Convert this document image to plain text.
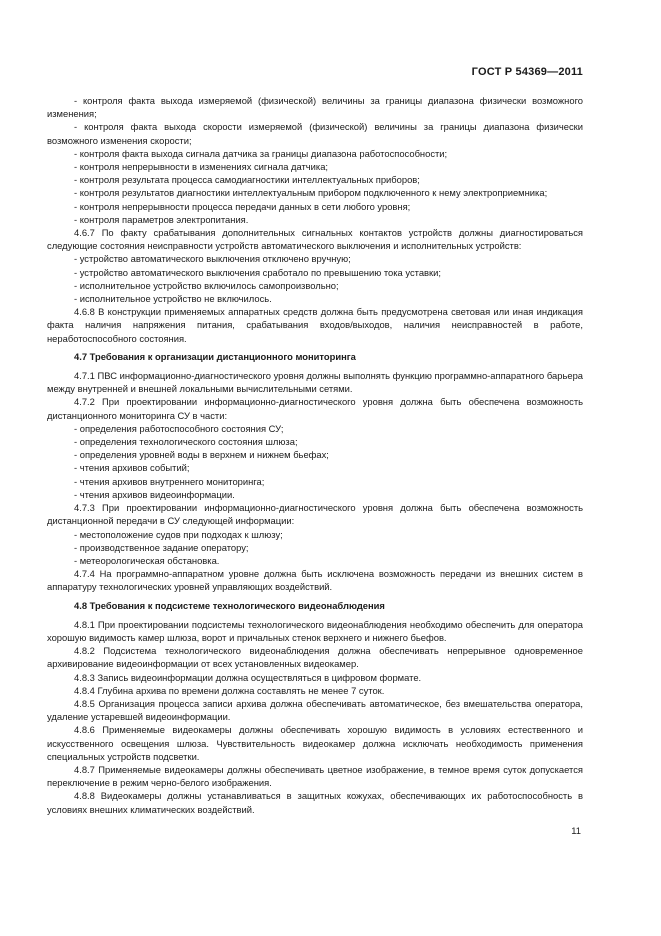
ГОСТ Р 54369—2011

- контроля факта выхода измеряемой (физической) величины за границы диапазона физически возможного изменения;

- контроля факта выхода скорости измеряемой (физической) величины за границы диапазона физически возможного изменения скорости;

- контроля факта выхода сигнала датчика за границы диапазона работоспособности;

- контроля непрерывности в изменениях сигнала датчика;

- контроля результата процесса самодиагностики интеллектуальных приборов;

- контроля результатов диагностики интеллектуальным прибором подключенного к нему электроприемника;

- контроля непрерывности процесса передачи данных в сети любого уровня;

- контроля параметров электропитания.

4.6.7 По факту срабатывания дополнительных сигнальных контактов устройств должны диагностироваться следующие состояния неисправности устройств автоматического выключения и исполнительных устройств:

- устройство автоматического выключения отключено вручную;

- устройство автоматического выключения сработало по превышению тока уставки;

- исполнительное устройство включилось самопроизвольно;

- исполнительное устройство не включилось.

4.6.8 В конструкции применяемых аппаратных средств должна быть предусмотрена световая или иная индикация факта наличия напряжения питания, срабатывания входов/выходов, наличия неисправностей в работе, неработоспособного состояния.

4.7 Требования к организации дистанционного мониторинга

4.7.1 ПВС информационно-диагностического уровня должны выполнять функцию программно-аппаратного барьера между внутренней и внешней локальными вычислительными сетями.

4.7.2 При проектировании информационно-диагностического уровня должна быть обеспечена возможность дистанционного мониторинга СУ в части:

- определения работоспособного состояния СУ;

- определения технологического состояния шлюза;

- определения уровней воды в верхнем и нижнем бьефах;

- чтения архивов событий;

- чтения архивов внутреннего мониторинга;

- чтения архивов видеоинформации.

4.7.3 При проектировании информационно-диагностического уровня должна быть обеспечена возможность дистанционной передачи в СУ следующей информации:

- местоположение судов при подходах к шлюзу;

- производственное задание оператору;

- метеорологическая обстановка.

4.7.4 На программно-аппаратном уровне должна быть исключена возможность передачи из внешних систем в аппаратуру технологических уровней управляющих воздействий.

4.8 Требования к подсистеме технологического видеонаблюдения

4.8.1 При проектировании подсистемы технологического видеонаблюдения необходимо обеспечить для оператора хорошую видимость камер шлюза, ворот и причальных стенок верхнего и нижнего бьефов.

4.8.2 Подсистема технологического видеонаблюдения должна обеспечивать непрерывное одновременное архивирование видеоинформации от всех установленных видеокамер.

4.8.3 Запись видеоинформации должна осуществляться в цифровом формате.

4.8.4 Глубина архива по времени должна составлять не менее 7 суток.

4.8.5 Организация процесса записи архива должна обеспечивать автоматическое, без вмешательства оператора, удаление устаревшей видеоинформации.

4.8.6 Применяемые видеокамеры должны обеспечивать хорошую видимость в условиях естественного и искусственного освещения шлюза. Чувствительность видеокамер должна исключать необходимость применения специальных устройств подсветки.

4.8.7 Применяемые видеокамеры должны обеспечивать цветное изображение, в темное время суток допускается переключение в режим черно-белого изображения.

4.8.8 Видеокамеры должны устанавливаться в защитных кожухах, обеспечивающих их работоспособность в условиях внешних климатических воздействий.

11
